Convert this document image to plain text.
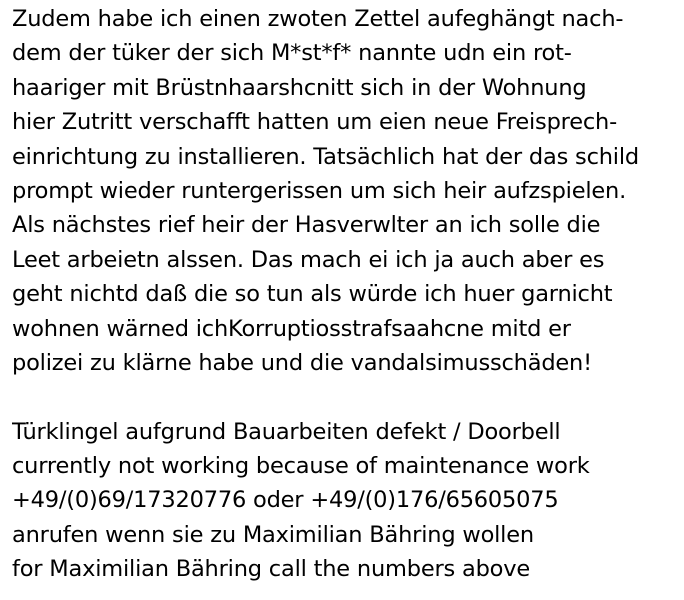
Zudem habe ich einen zwoten Zettel aufeghängt nach-
dem der tüker der sich M*st*f* nannte udn ein rot-
haariger mit Brüstnhaarshcnitt sich in der Wohnung
hier Zutritt verschafft hatten um eien neue Freisprech-
einrichtung zu installieren. Tatsächlich hat der das schild
prompt wieder runtergerissen um sich heir aufzspielen.
Als nächstes rief heir der Hasverwlter an ich solle die
Leet arbeietn alssen. Das mach ei ich ja auch aber es
geht nichtd daß die so tun als würde ich huer garnicht
wohnen wärned ichKorruptiosstrafsaahcne mitd er
polizei zu klärne habe und die vandalsimusschäden!
Türklingel aufgrund Bauarbeiten defekt / Doorbell
currently not working because of maintenance work
+49/(0)69/17320776 oder +49/(0)176/65605075
anrufen wenn sie zu Maximilian Bähring wollen
for Maximilian Bähring call the numbers above
